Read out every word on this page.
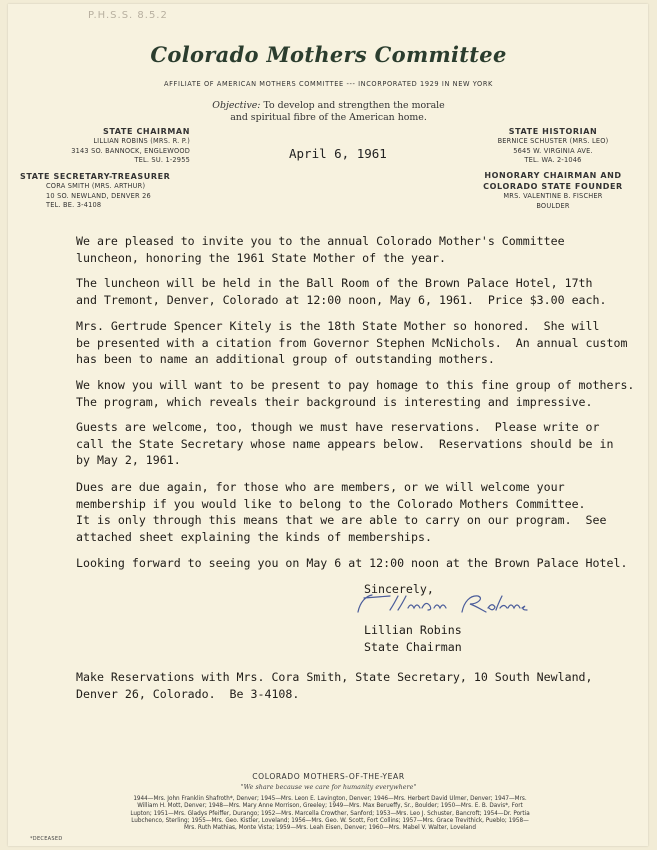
P.H.S.S. 8.5.2
Colorado Mothers Committee
AFFILIATE OF AMERICAN MOTHERS COMMITTEE --- INCORPORATED 1929 IN NEW YORK
Objective: To develop and strengthen the morale
and spiritual fibre of the American home.
STATE CHAIRMAN
LILLIAN ROBINS (MRS. R. P.)
3143 SO. BANNOCK, ENGLEWOOD
TEL. SU. 1-2955
STATE SECRETARY-TREASURER
CORA SMITH (MRS. ARTHUR)
10 SO. NEWLAND, DENVER 26
TEL. BE. 3-4108
STATE HISTORIAN
BERNICE SCHUSTER (MRS. LEO)
5645 W. VIRGINIA AVE.
TEL. WA. 2-1046
HONORARY CHAIRMAN AND
COLORADO STATE FOUNDER
MRS. VALENTINE B. FISCHER
BOULDER
April 6, 1961
We are pleased to invite you to the annual Colorado Mother's Committee
luncheon, honoring the 1961 State Mother of the year.
The luncheon will be held in the Ball Room of the Brown Palace Hotel, 17th
and Tremont, Denver, Colorado at 12:00 noon, May 6, 1961.  Price $3.00 each.
Mrs. Gertrude Spencer Kitely is the 18th State Mother so honored.  She will
be presented with a citation from Governor Stephen McNichols.  An annual custom
has been to name an additional group of outstanding mothers.
We know you will want to be present to pay homage to this fine group of mothers.
The program, which reveals their background is interesting and impressive.
Guests are welcome, too, though we must have reservations.  Please write or
call the State Secretary whose name appears below.  Reservations should be in
by May 2, 1961.
Dues are due again, for those who are members, or we will welcome your
membership if you would like to belong to the Colorado Mothers Committee.
It is only through this means that we are able to carry on our program.  See
attached sheet explaining the kinds of memberships.
Looking forward to seeing you on May 6 at 12:00 noon at the Brown Palace Hotel.
Sincerely,
Lillian Robins
State Chairman
Make Reservations with Mrs. Cora Smith, State Secretary, 10 South Newland,
Denver 26, Colorado.  Be 3-4108.
COLORADO MOTHERS-OF-THE-YEAR
"We share because we care for humanity everywhere"
1944—Mrs. John Franklin Shafroth*, Denver; 1945—Mrs. Leon E. Lavington, Denver; 1946—Mrs. Herbert David Ulmer, Denver; 1947—Mrs.
William H. Mott, Denver; 1948—Mrs. Mary Anne Morrison, Greeley; 1949—Mrs. Max Berueffy, Sr., Boulder; 1950—Mrs. E. B. Davis*, Fort
Lupton; 1951—Mrs. Gladys Pfeiffer, Durango; 1952—Mrs. Marcella Crowther, Sanford; 1953—Mrs. Leo J. Schuster, Bancroft; 1954—Dr. Portia
Lubchenco, Sterling; 1955—Mrs. Geo. Kistler, Loveland; 1956—Mrs. Geo. W. Scott, Fort Collins; 1957—Mrs. Grace Trevithick, Pueblo; 1958—
Mrs. Ruth Mathias, Monte Vista; 1959—Mrs. Leah Eisen, Denver; 1960—Mrs. Mabel V. Walter, Loveland
*DECEASED
